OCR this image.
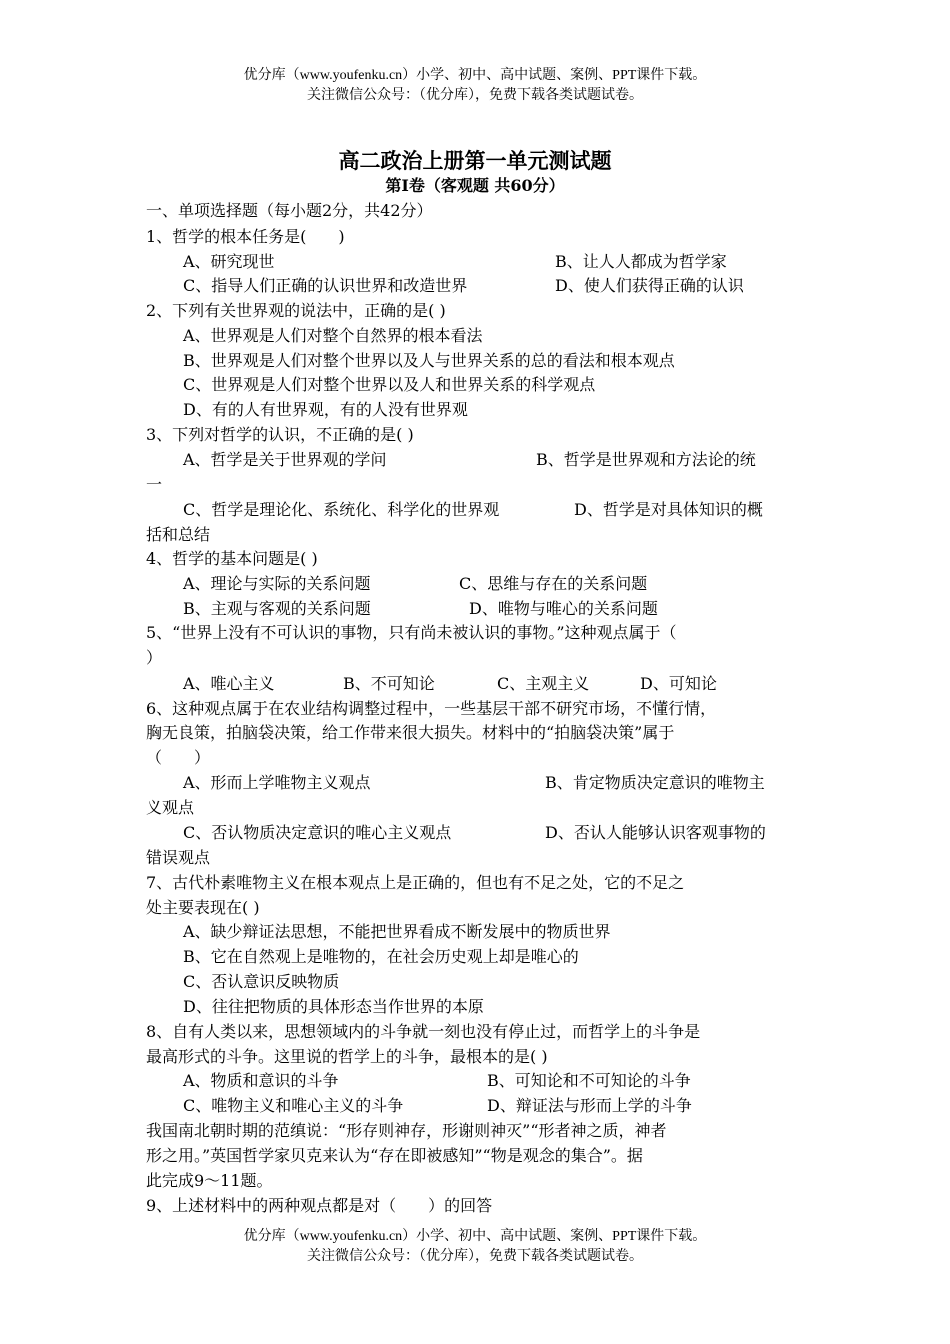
优分库（www.youfenku.cn）小学、初中、高中试题、案例、PPT课件下载。
关注微信公众号：（优分库），免费下载各类试题试卷。
高二政治上册第一单元测试题
第Ⅰ卷（客观题 共60分）
一、单项选择题（每小题2分，共42分）
1、哲学的根本任务是(　　)
A、研究现世	B、让人人都成为哲学家
C、指导人们正确的认识世界和改造世界	D、使人们获得正确的认识
2、下列有关世界观的说法中，正确的是( )
A、世界观是人们对整个自然界的根本看法
B、世界观是人们对整个世界以及人与世界关系的总的看法和根本观点
C、世界观是人们对整个世界以及人和世界关系的科学观点
D、有的人有世界观，有的人没有世界观
3、下列对哲学的认识，不正确的是( )
A、哲学是关于世界观的学问	B、哲学是世界观和方法论的统
一
C、哲学是理论化、系统化、科学化的世界观	D、哲学是对具体知识的概
括和总结
4、哲学的基本问题是( )
A、理论与实际的关系问题	C、思维与存在的关系问题
B、主观与客观的关系问题	D、唯物与唯心的关系问题
5、“世界上没有不可认识的事物，只有尚未被认识的事物。”这种观点属于（
）
A、唯心主义	B、不可知论	C、主观主义	D、可知论
6、这种观点属于在农业结构调整过程中，一些基层干部不研究市场，不懂行情，
胸无良策，拍脑袋决策，给工作带来很大损失。材料中的“拍脑袋决策”属于
（　　）
A、形而上学唯物主义观点	B、肯定物质决定意识的唯物主
义观点
C、否认物质决定意识的唯心主义观点	D、否认人能够认识客观事物的
错误观点
7、古代朴素唯物主义在根本观点上是正确的，但也有不足之处，它的不足之
处主要表现在( )
A、缺少辩证法思想，不能把世界看成不断发展中的物质世界
B、它在自然观上是唯物的，在社会历史观上却是唯心的
C、否认意识反映物质
D、往往把物质的具体形态当作世界的本原
8、自有人类以来，思想领域内的斗争就一刻也没有停止过，而哲学上的斗争是
最高形式的斗争。这里说的哲学上的斗争，最根本的是( )
A、物质和意识的斗争	B、可知论和不可知论的斗争
C、唯物主义和唯心主义的斗争	D、辩证法与形而上学的斗争
我国南北朝时期的范缜说：“形存则神存，形谢则神灭”“形者神之质，神者
形之用。”英国哲学家贝克来认为“存在即被感知”“物是观念的集合”。据
此完成9～11题。
9、上述材料中的两种观点都是对（　　）的回答
优分库（www.youfenku.cn）小学、初中、高中试题、案例、PPT课件下载。
关注微信公众号：（优分库），免费下载各类试题试卷。
